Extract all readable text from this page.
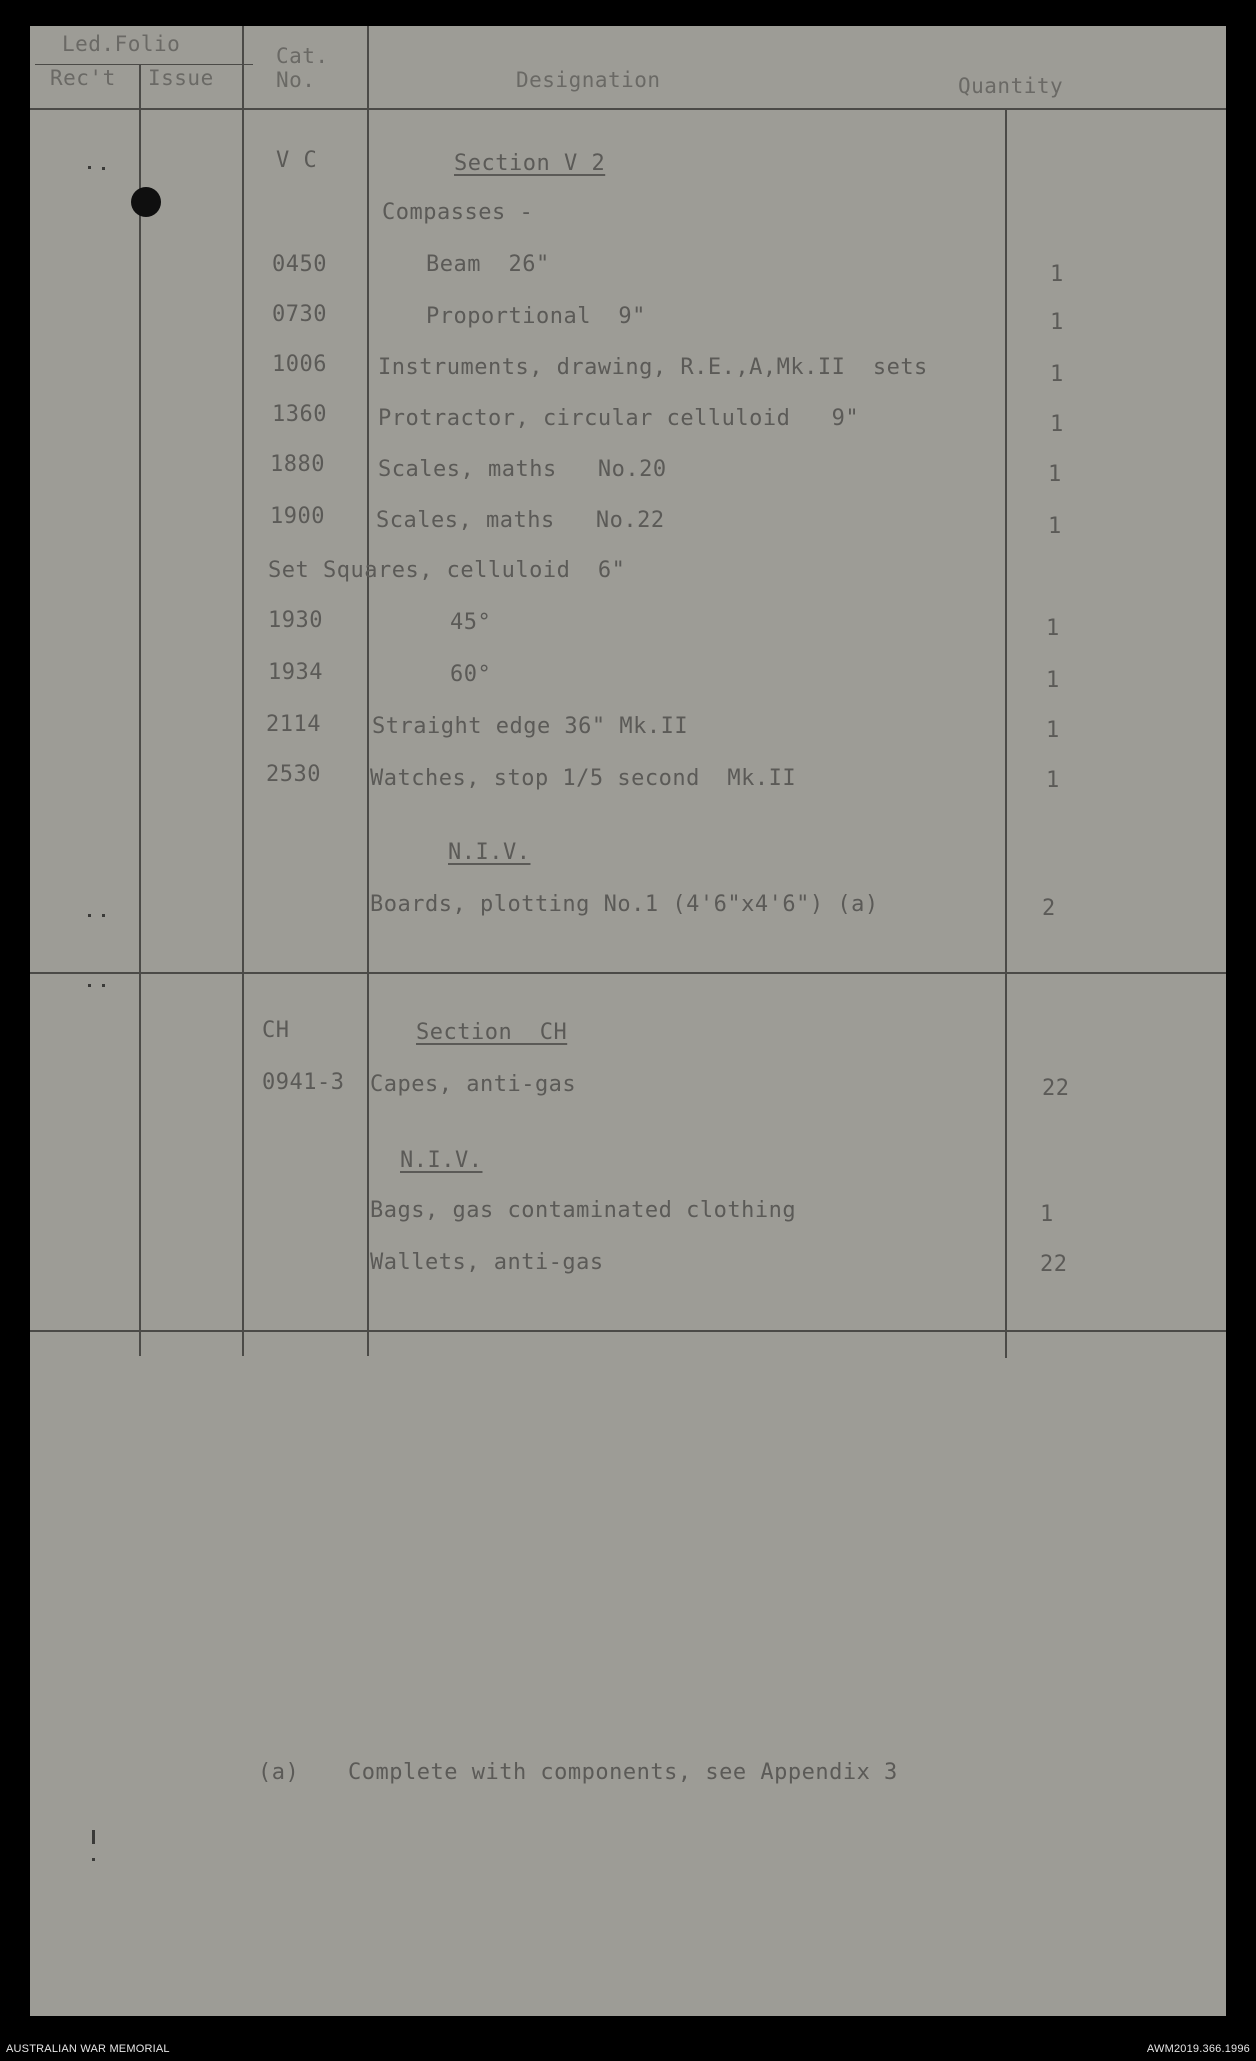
Led.Folio
Rec't Issue
Cat.
No.	Designation	Quantity
V C	Section V 2
Compasses -
0450	Beam  26"	1
0730	Proportional  9"	1
1006 Instruments, drawing, R.E.,A,Mk.II  sets	1
1360 Protractor, circular celluloid   9"	1
1880 Scales, maths   No.20	1
1900 Scales, maths   No.22	1
Set Squares, celluloid  6"
1930	45°	1
1934	60°	1
2114 Straight edge 36" Mk.II	1
2530 Watches, stop 1/5 second  Mk.II	1
N.I.V.
Boards, plotting No.1 (4'6"x4'6") (a)	2
CH	Section  CH
0941-3 Capes, anti-gas	22
N.I.V.
Bags, gas contaminated clothing	1
Wallets, anti-gas	22
(a) Complete with components, see Appendix 3
AUSTRALIAN WAR MEMORIAL	AWM2019.366.1996
